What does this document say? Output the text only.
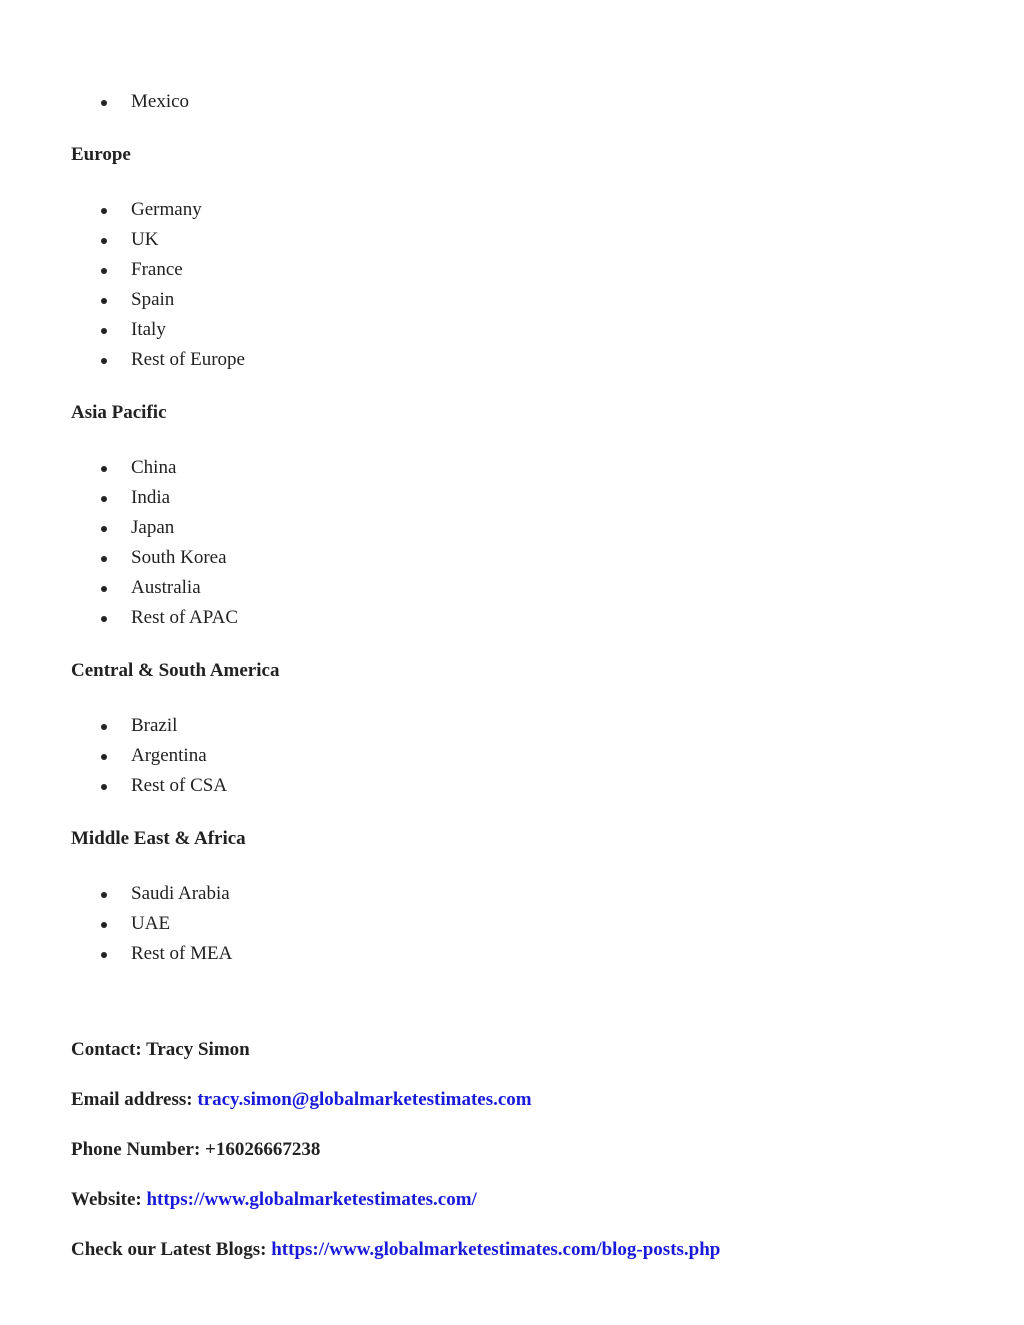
Mexico
Europe
Germany
UK
France
Spain
Italy
Rest of Europe
Asia Pacific
China
India
Japan
South Korea
Australia
Rest of APAC
Central & South America
Brazil
Argentina
Rest of CSA
Middle East & Africa
Saudi Arabia
UAE
Rest of MEA
Contact: Tracy Simon
Email address: tracy.simon@globalmarketestimates.com
Phone Number: +16026667238
Website: https://www.globalmarketestimates.com/
Check our Latest Blogs: https://www.globalmarketestimates.com/blog-posts.php
